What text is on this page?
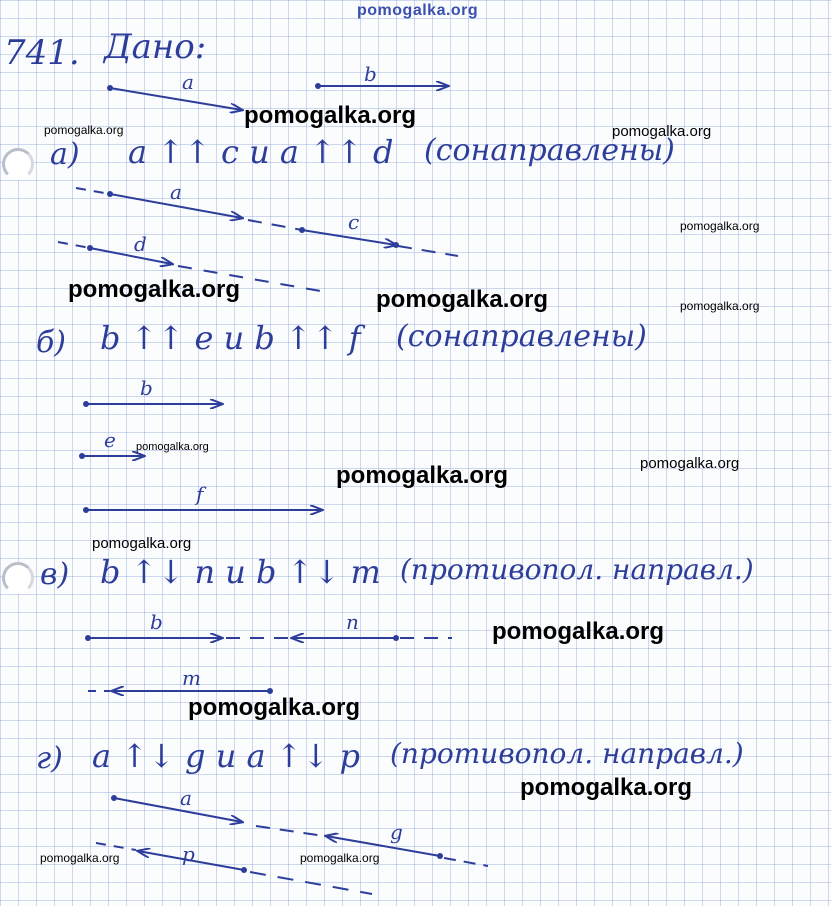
pomogalka.org
741. Дано:
а) a ↑↑ c и a ↑↑ d (сонаправлены)
б) b ↑↑ e и b ↑↑ f (сонаправлены)
в) b ↑↓ n и b ↑↓ m (противопол. направл.)
г) a ↑↓ g и a ↑↓ p (противопол. направл.)
a	b
a
c
d
b
e
f
b	n
m
a
g
p
pomogalka.org
pomogalka.org	pomogalka.org
pomogalka.org
pomogalka.org	pomogalka.org	pomogalka.org
pomogalka.org
pomogalka.org
pomogalka.org
pomogalka.org
pomogalka.org
pomogalka.org
pomogalka.org
pomogalka.org	pomogalka.org
